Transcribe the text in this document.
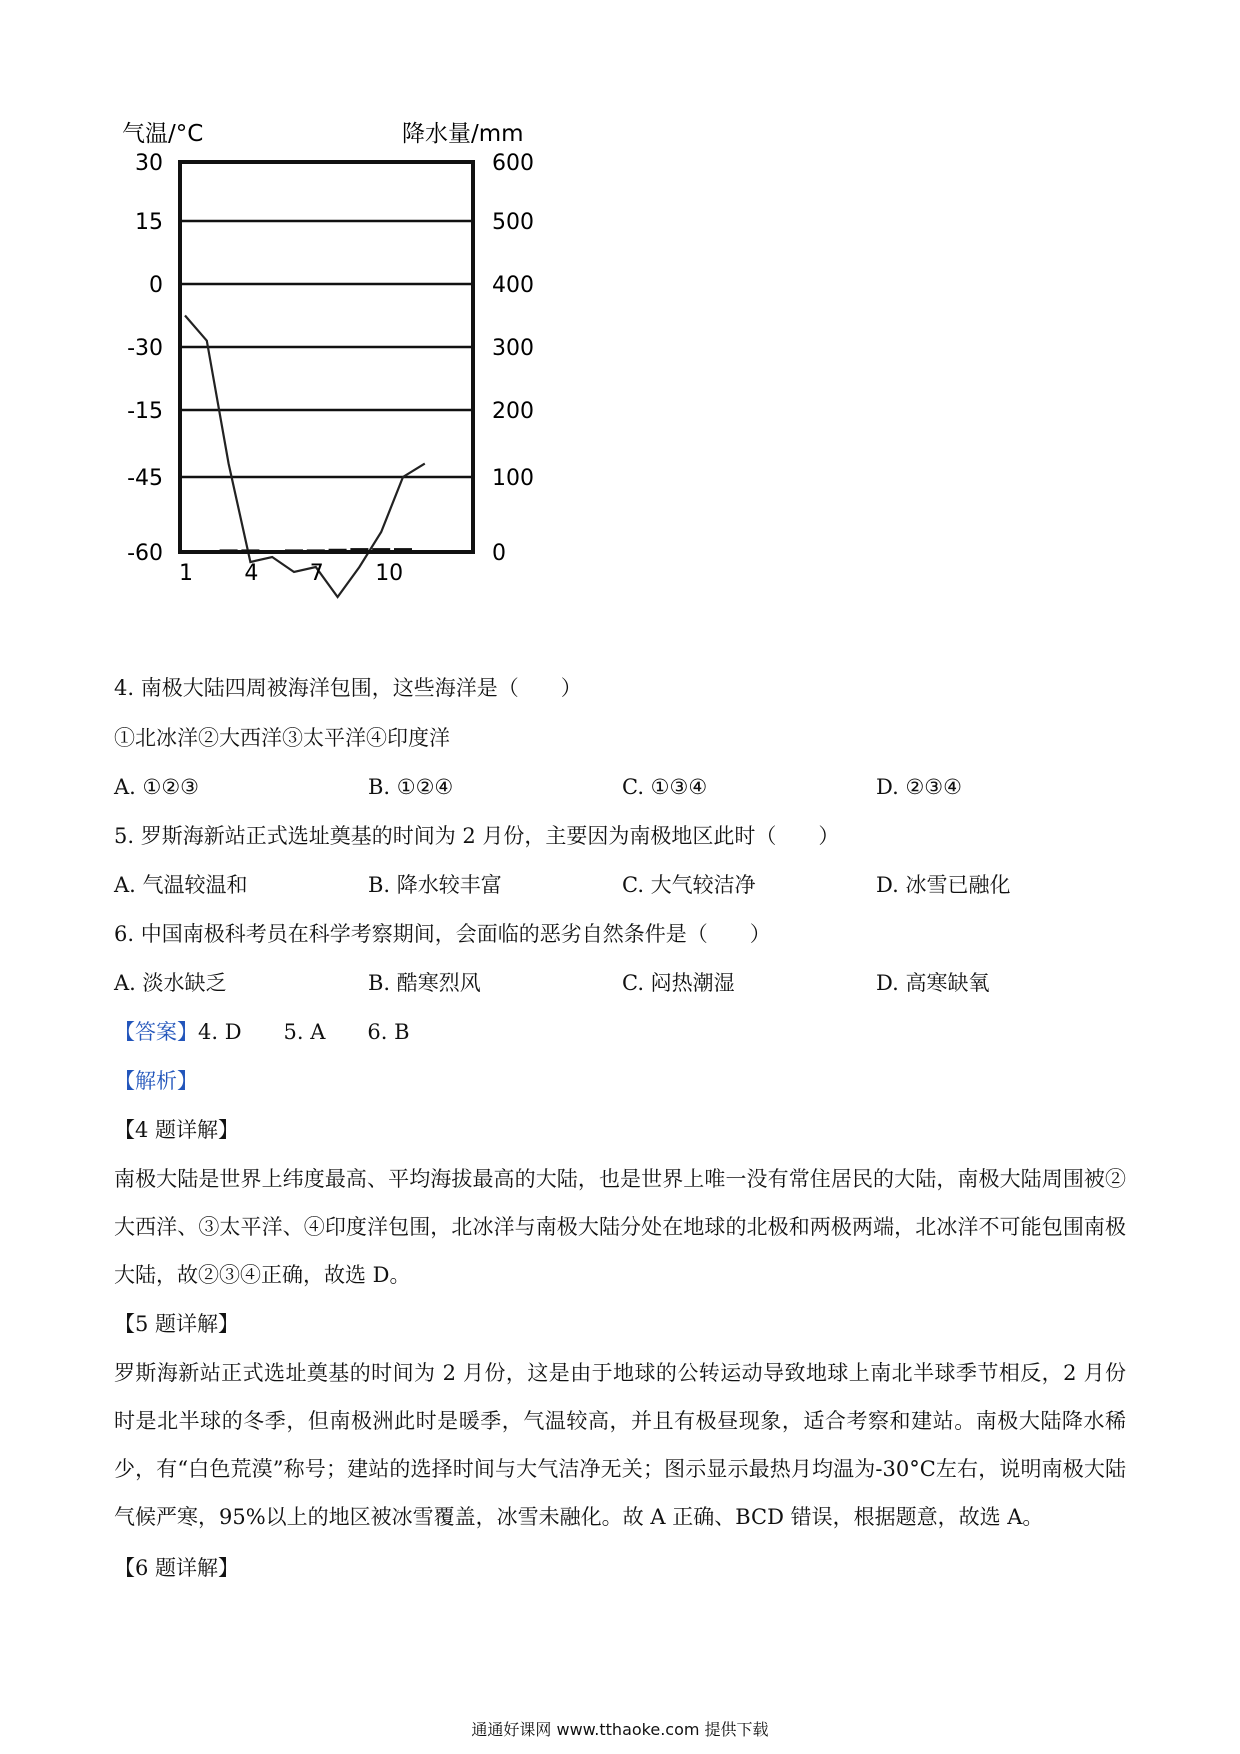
气温/°C	降水量/mm
30
15
0
-30
-15
-45
-60
600
500
400
300
200
100
0
1 4 7 10
4. 南极大陆四周被海洋包围，这些海洋是（　　）
①北冰洋②大西洋③太平洋④印度洋
A. ①②③	B. ①②④	C. ①③④	D. ②③④
5. 罗斯海新站正式选址奠基的时间为 2 月份，主要因为南极地区此时（　　）
A. 气温较温和	B. 降水较丰富	C. 大气较洁净	D. 冰雪已融化
6. 中国南极科考员在科学考察期间，会面临的恶劣自然条件是（　　）
A. 淡水缺乏	B. 酷寒烈风	C. 闷热潮湿	D. 高寒缺氧
【答案】4. D　　5. A　　6. B
【解析】
【4 题详解】
南极大陆是世界上纬度最高、平均海拔最高的大陆，也是世界上唯一没有常住居民的大陆，南极大陆周围被②大西洋、③太平洋、④印度洋包围，北冰洋与南极大陆分处在地球的北极和两极两端，北冰洋不可能包围南极大陆，故②③④正确，故选 D。
【5 题详解】
罗斯海新站正式选址奠基的时间为 2 月份，这是由于地球的公转运动导致地球上南北半球季节相反，2 月份时是北半球的冬季，但南极洲此时是暖季，气温较高，并且有极昼现象，适合考察和建站。南极大陆降水稀少，有“白色荒漠”称号；建站的选择时间与大气洁净无关；图示显示最热月均温为-30°C左右，说明南极大陆气候严寒，95%以上的地区被冰雪覆盖，冰雪未融化。故 A 正确、BCD 错误，根据题意，故选 A。
【6 题详解】
通通好课网 www.tthaoke.com 提供下载
